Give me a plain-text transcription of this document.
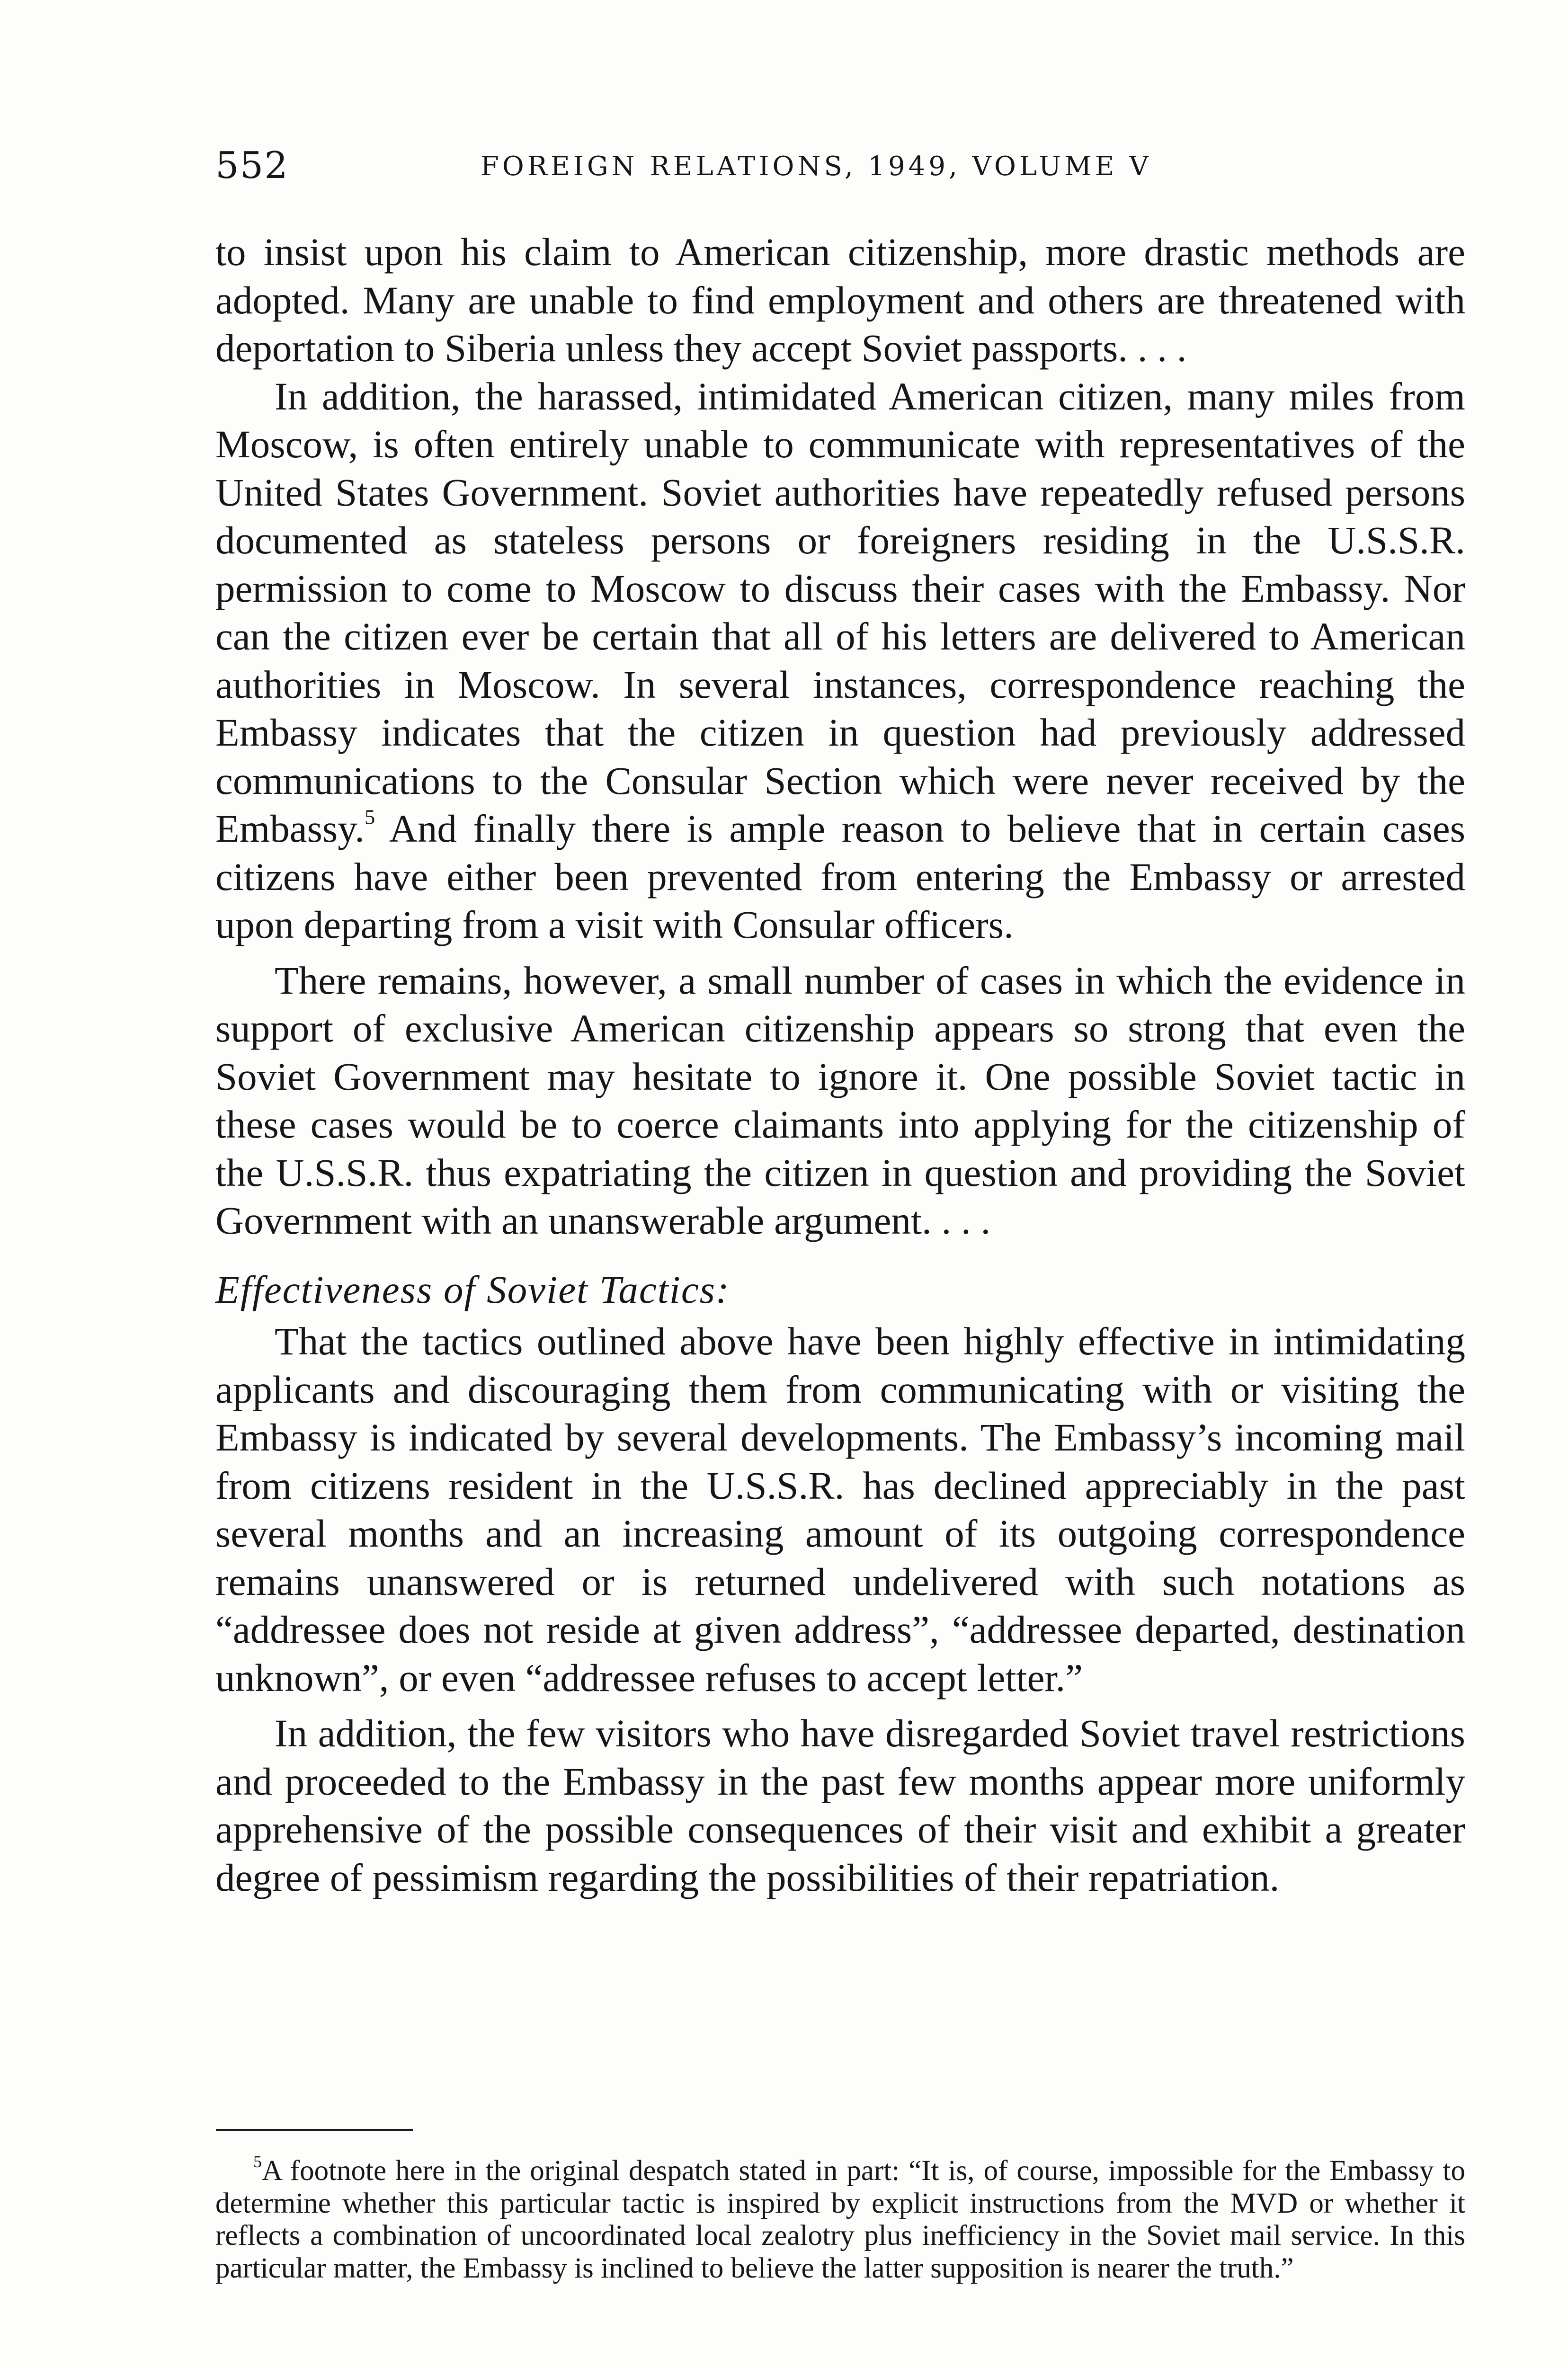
552	FOREIGN RELATIONS, 1949, VOLUME V

to insist upon his claim to American citizenship, more drastic methods are adopted. Many are unable to find employment and others are threatened with deportation to Siberia unless they accept Soviet passports. . . .

In addition, the harassed, intimidated American citizen, many miles from Moscow, is often entirely unable to communicate with representatives of the United States Government. Soviet authorities have repeatedly refused persons documented as stateless persons or foreigners residing in the U.S.S.R. permission to come to Moscow to discuss their cases with the Embassy. Nor can the citizen ever be certain that all of his letters are delivered to American authorities in Moscow. In several instances, correspondence reaching the Embassy indicates that the citizen in question had previously addressed communications to the Consular Section which were never received by the Embassy.$^5$ And finally there is ample reason to believe that in certain cases citizens have either been prevented from entering the Embassy or arrested upon departing from a visit with Consular officers.

There remains, however, a small number of cases in which the evidence in support of exclusive American citizenship appears so strong that even the Soviet Government may hesitate to ignore it. One possible Soviet tactic in these cases would be to coerce claimants into applying for the citizenship of the U.S.S.R. thus expatriating the citizen in question and providing the Soviet Government with an unanswerable argument. . . .

Effectiveness of Soviet Tactics:

That the tactics outlined above have been highly effective in intimidating applicants and discouraging them from communicating with or visiting the Embassy is indicated by several developments. The Embassy’s incoming mail from citizens resident in the U.S.S.R. has declined appreciably in the past several months and an increasing amount of its outgoing correspondence remains unanswered or is returned undelivered with such notations as “addressee does not reside at given address”, “addressee departed, destination unknown”, or even “addressee refuses to accept letter.”

In addition, the few visitors who have disregarded Soviet travel restrictions and proceeded to the Embassy in the past few months appear more uniformly apprehensive of the possible consequences of their visit and exhibit a greater degree of pessimism regarding the possibilities of their repatriation.

$^5$A footnote here in the original despatch stated in part: “It is, of course, impossible for the Embassy to determine whether this particular tactic is inspired by explicit instructions from the MVD or whether it reflects a combination of uncoordinated local zealotry plus inefficiency in the Soviet mail service. In this particular matter, the Embassy is inclined to believe the latter supposition is nearer the truth.”
